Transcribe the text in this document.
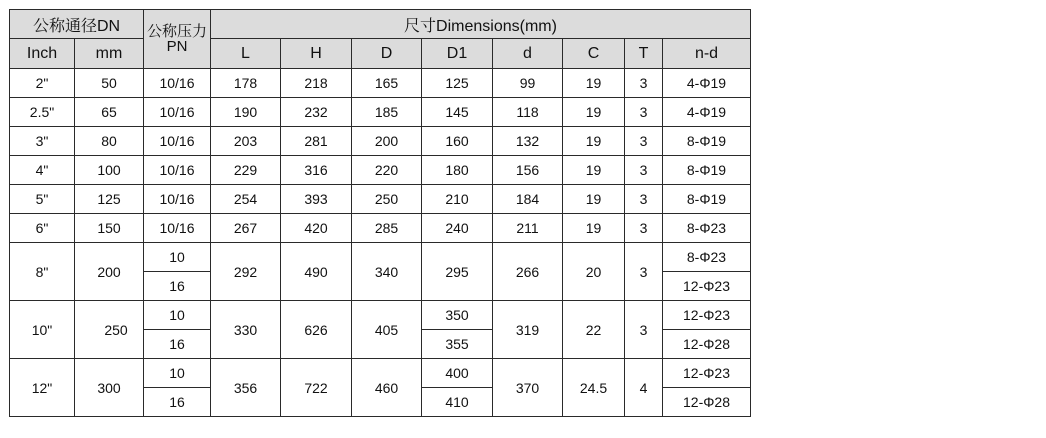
公称通径DN		公称压力PN	尺寸Dimensions(mm)							
Inch	mm		L	H	D	D1	d	C	T	n-d
2"	50	10/16	178	218	165	125	99	19	3	4-Φ19
2.5"	65	10/16	190	232	185	145	118	19	3	4-Φ19
3"	80	10/16	203	281	200	160	132	19	3	8-Φ19
4"	100	10/16	229	316	220	180	156	19	3	8-Φ19
5"	125	10/16	254	393	250	210	184	19	3	8-Φ19
6"	150	10/16	267	420	285	240	211	19	3	8-Φ23
8"	200	10	292	490	340	295	266	20	3	8-Φ23
		16								12-Φ23
10"	250	10	330	626	405	350	319	22	3	12-Φ23
		16				355				12-Φ28
12"	300	10	356	722	460	400	370	24.5	4	12-Φ23
		16				410				12-Φ28
